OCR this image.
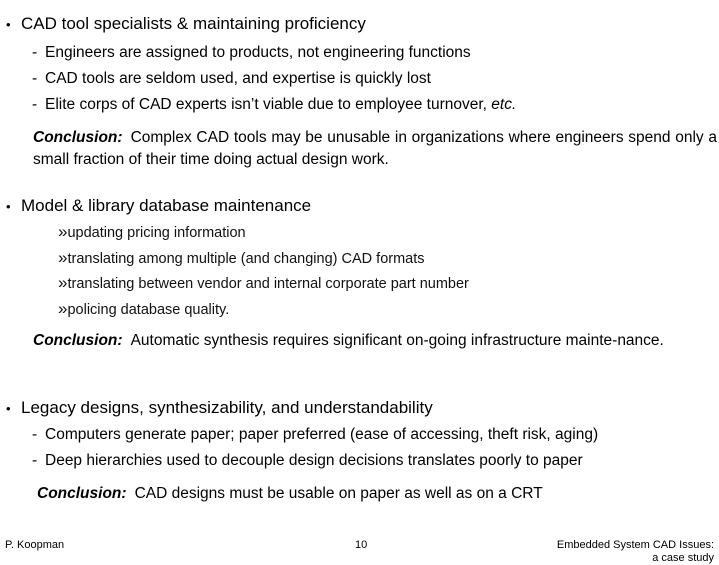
• CAD tool specialists & maintaining proficiency
- Engineers are assigned to products, not engineering functions
- CAD tools are seldom used, and expertise is quickly lost
- Elite corps of CAD experts isn’t viable due to employee turnover, etc.
Conclusion: Complex CAD tools may be unusable in organizations where engineers spend only a small fraction of their time doing actual design work.
• Model & library database maintenance
»updating pricing information
»translating among multiple (and changing) CAD formats
»translating between vendor and internal corporate part number
»policing database quality.
Conclusion: Automatic synthesis requires significant on-going infrastructure mainte-nance.
• Legacy designs, synthesizability, and understandability
- Computers generate paper; paper preferred (ease of accessing, theft risk, aging)
- Deep hierarchies used to decouple design decisions translates poorly to paper
Conclusion: CAD designs must be usable on paper as well as on a CRT
P. Koopman	10	Embedded System CAD Issues:
a case study
